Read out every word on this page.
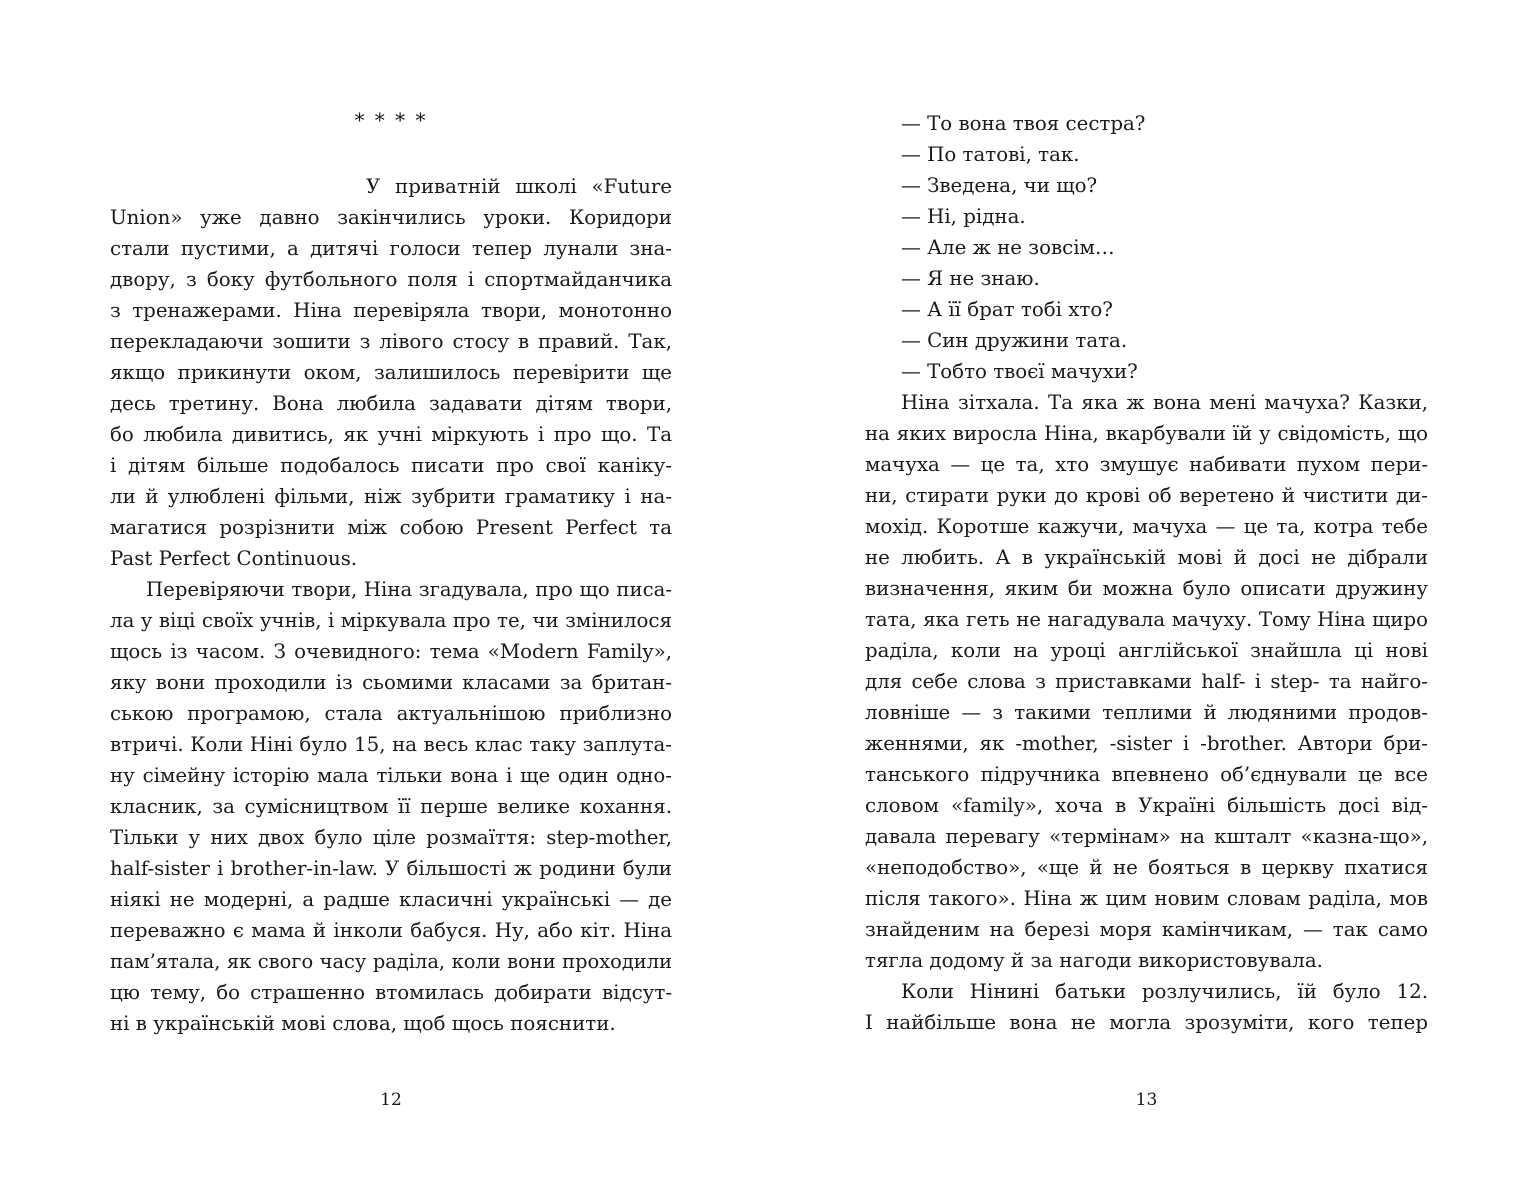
* * * *
У приватній школі «Future
Union» уже давно закінчились уроки. Коридори
стали пустими, а дитячі голоси тепер лунали зна-
двору, з боку футбольного поля і спортмайданчика
з тренажерами. Ніна перевіряла твори, монотонно
перекладаючи зошити з лівого стосу в правий. Так,
якщо прикинути оком, залишилось перевірити ще
десь третину. Вона любила задавати дітям твори,
бо любила дивитись, як учні міркують і про що. Та
і дітям більше подобалось писати про свої каніку-
ли й улюблені фільми, ніж зубрити граматику і на-
магатися розрізнити між собою Present Perfect та
Past Perfect Continuous.
Перевіряючи твори, Ніна згадувала, про що писа-
ла у віці своїх учнів, і міркувала про те, чи змінилося
щось із часом. З очевидного: тема «Modern Family»,
яку вони проходили із сьомими класами за британ-
ською програмою, стала актуальнішою приблизно
втричі. Коли Ніні було 15, на весь клас таку заплута-
ну сімейну історію мала тільки вона і ще один одно-
класник, за сумісництвом її перше велике кохання.
Тільки у них двох було ціле розмаїття: step-mother,
half-sister і brother-in-law. У більшості ж родини були
ніякі не модерні, а радше класичні українські — де
переважно є мама й інколи бабуся. Ну, або кіт. Ніна
пам’ятала, як свого часу раділа, коли вони проходили
цю тему, бо страшенно втомилась добирати відсут-
ні в українській мові слова, щоб щось пояснити.
12
— То вона твоя сестра?
— По татові, так.
— Зведена, чи що?
— Ні, рідна.
— Але ж не зовсім…
— Я не знаю.
— А її брат тобі хто?
— Син дружини тата.
— Тобто твоєї мачухи?
Ніна зітхала. Та яка ж вона мені мачуха? Казки,
на яких виросла Ніна, вкарбували їй у свідомість, що
мачуха — це та, хто змушує набивати пухом пери-
ни, стирати руки до крові об веретено й чистити ди-
мохід. Коротше кажучи, мачуха — це та, котра тебе
не любить. А в українській мові й досі не дібрали
визначення, яким би можна було описати дружину
тата, яка геть не нагадувала мачуху. Тому Ніна щиро
раділа, коли на уроці англійської знайшла ці нові
для себе слова з приставками half- і step- та найго-
ловніше — з такими теплими й людяними продов-
женнями, як -mother, -sister і -brother. Автори бри-
танського підручника впевнено об’єднували це все
словом «family», хоча в Україні більшість досі від-
давала перевагу «термінам» на кшталт «казна-що»,
«неподобство», «ще й не бояться в церкву пхатися
після такого». Ніна ж цим новим словам раділа, мов
знайденим на березі моря камінчикам, — так само
тягла додому й за нагоди використовувала.
Коли Нінині батьки розлучились, їй було 12.
І найбільше вона не могла зрозуміти, кого тепер
13
